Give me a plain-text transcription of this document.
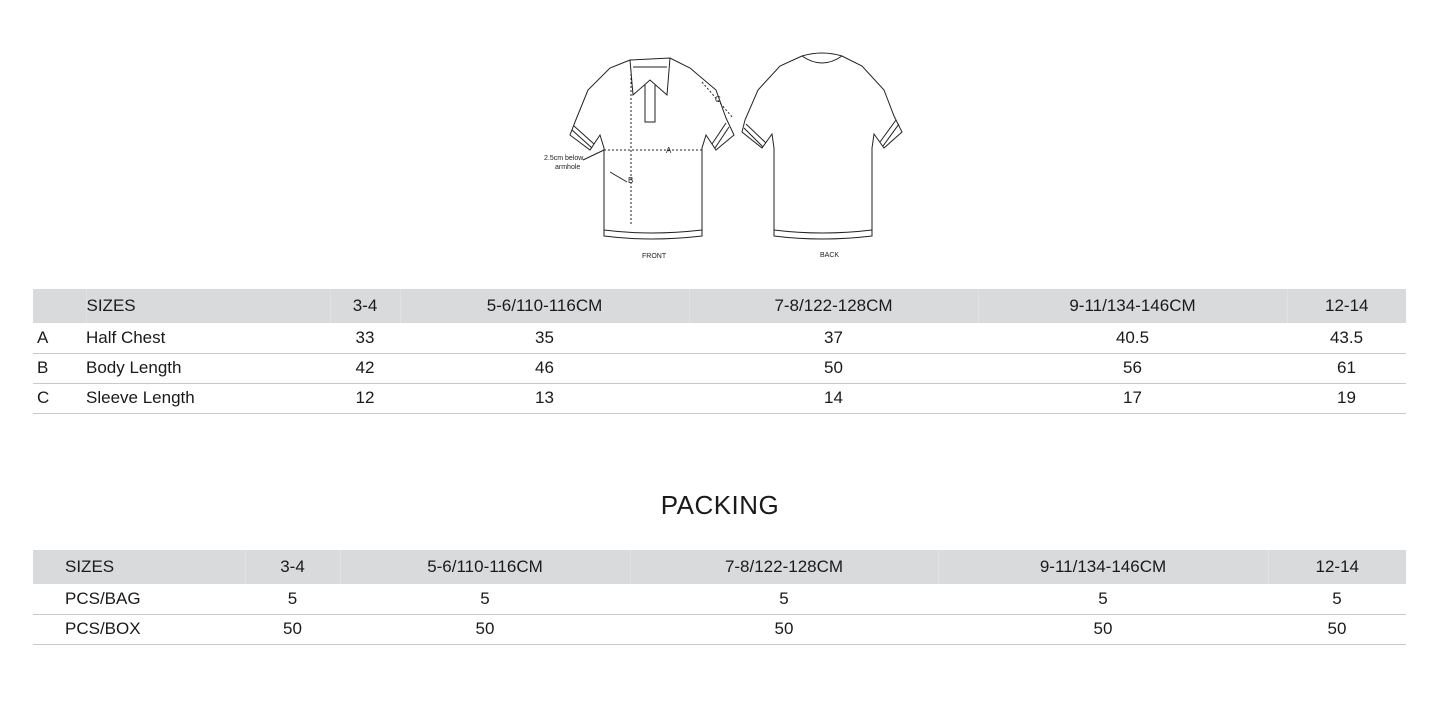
A
B
C
2.5cm below
armhole
FRONT	BACK
	SIZES	3-4	5-6/110-116CM	7-8/122-128CM	9-11/134-146CM	12-14
A	Half Chest	33	35	37	40.5	43.5
B	Body Length	42	46	50	56	61
C	Sleeve Length	12	13	14	17	19
PACKING
SIZES	3-4	5-6/110-116CM	7-8/122-128CM	9-11/134-146CM	12-14
PCS/BAG	5	5	5	5	5
PCS/BOX	50	50	50	50	50
